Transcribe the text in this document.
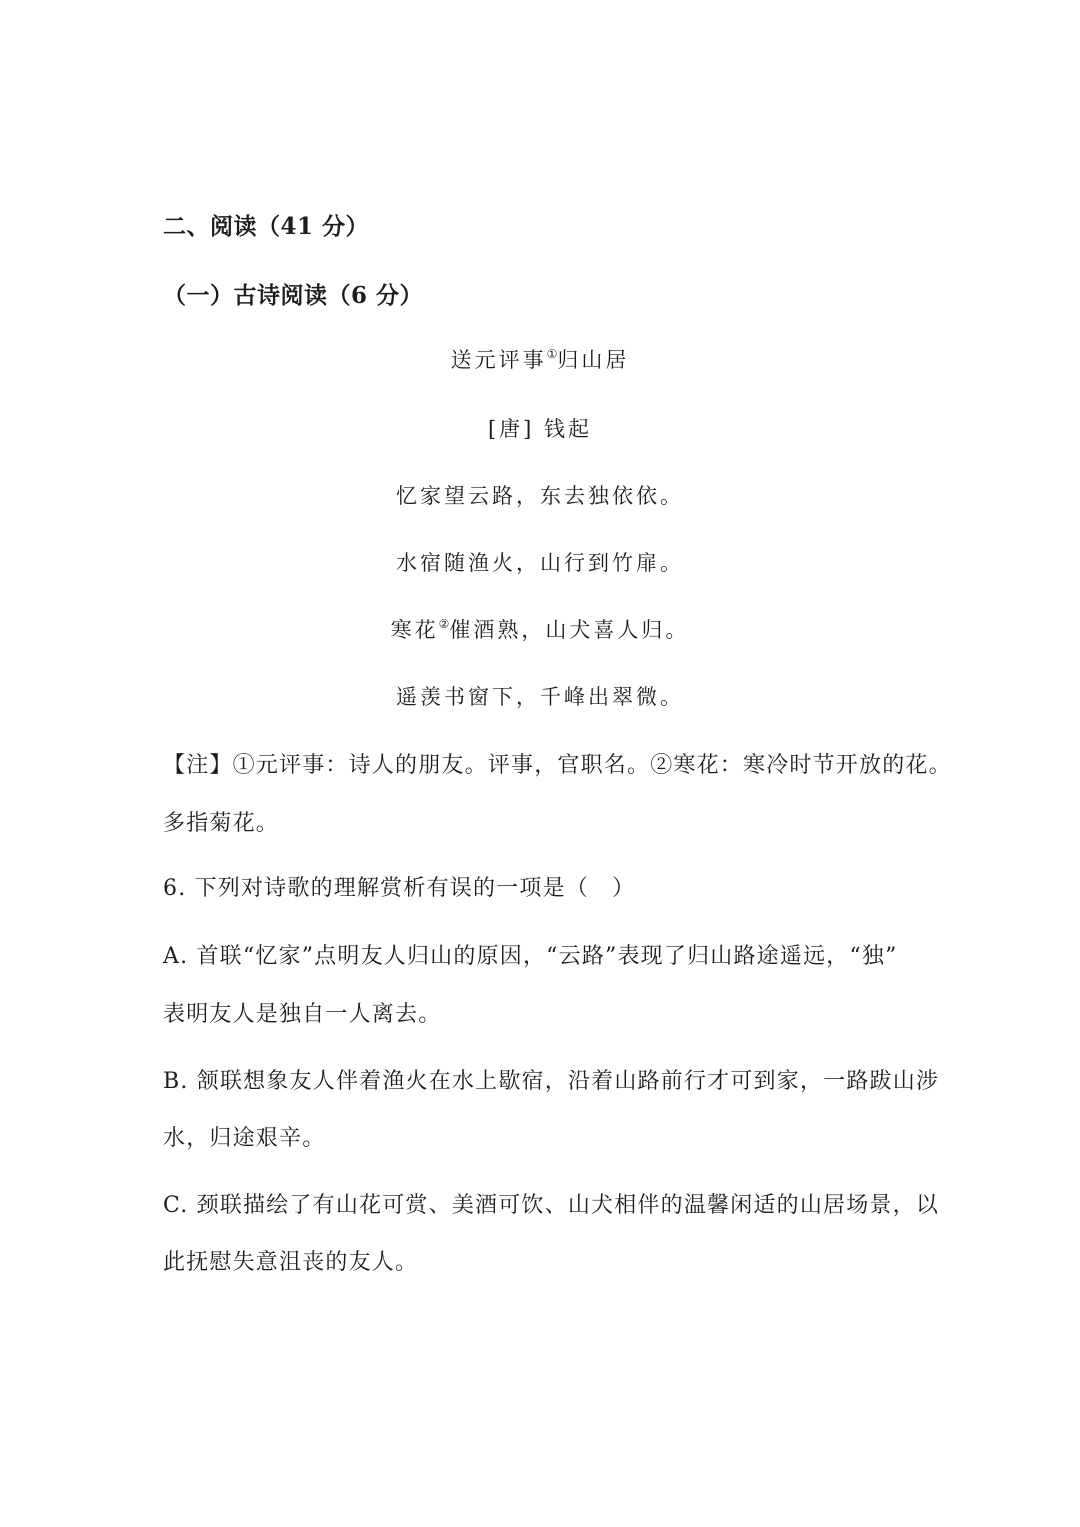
二、阅读（41 分）
（一）古诗阅读（6 分）
送元评事①归山居
[唐] 钱起
忆家望云路，东去独依依。
水宿随渔火，山行到竹扉。
寒花②催酒熟，山犬喜人归。
遥羡书窗下，千峰出翠微。
【注】①元评事：诗人的朋友。评事，官职名。②寒花：寒冷时节开放的花。
多指菊花。
6. 下列对诗歌的理解赏析有误的一项是（　）
A. 首联“忆家”点明友人归山的原因，“云路”表现了归山路途遥远，“独”
表明友人是独自一人离去。
B. 颔联想象友人伴着渔火在水上歇宿，沿着山路前行才可到家，一路跋山涉
水，归途艰辛。
C. 颈联描绘了有山花可赏、美酒可饮、山犬相伴的温馨闲适的山居场景，以
此抚慰失意沮丧的友人。
